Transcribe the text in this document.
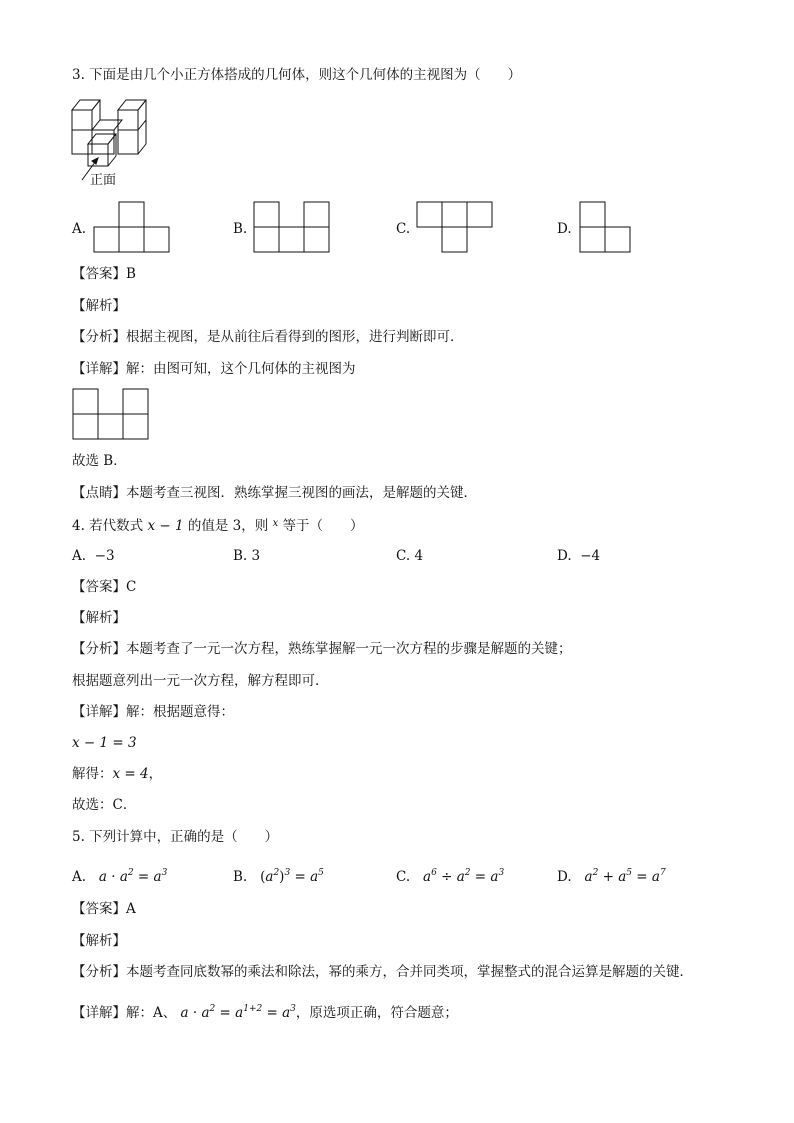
3. 下面是由几个小正方体搭成的几何体，则这个几何体的主视图为（　　）
正面
A.	B.	C.	D.
【答案】B
【解析】
【分析】根据主视图，是从前往后看得到的图形，进行判断即可．
【详解】解：由图可知，这个几何体的主视图为
故选 B．
【点睛】本题考查三视图．熟练掌握三视图的画法，是解题的关键．
4. 若代数式 x − 1 的值是 3，则 $^x$ 等于（　　）
A. −3	B. 3	C. 4	D. −4
【答案】C
【解析】
【分析】本题考查了一元一次方程，熟练掌握解一元一次方程的步骤是解题的关键；
根据题意列出一元一次方程，解方程即可．
【详解】解：根据题意得：
x − 1 = 3
解得：x = 4，
故选：C．
5. 下列计算中，正确的是（　　）
A. $a \cdot a^2 = a^3$	B. $(a^2)^3 = a^5$	C. $a^6 \div a^2 = a^3$	D. $a^2 + a^5 = a^7$
【答案】A
【解析】
【分析】本题考查同底数幂的乘法和除法，幂的乘方，合并同类项，掌握整式的混合运算是解题的关键．
【详解】解：A、 $a \cdot a^2 = a^{1+2} = a^3$，原选项正确，符合题意；
